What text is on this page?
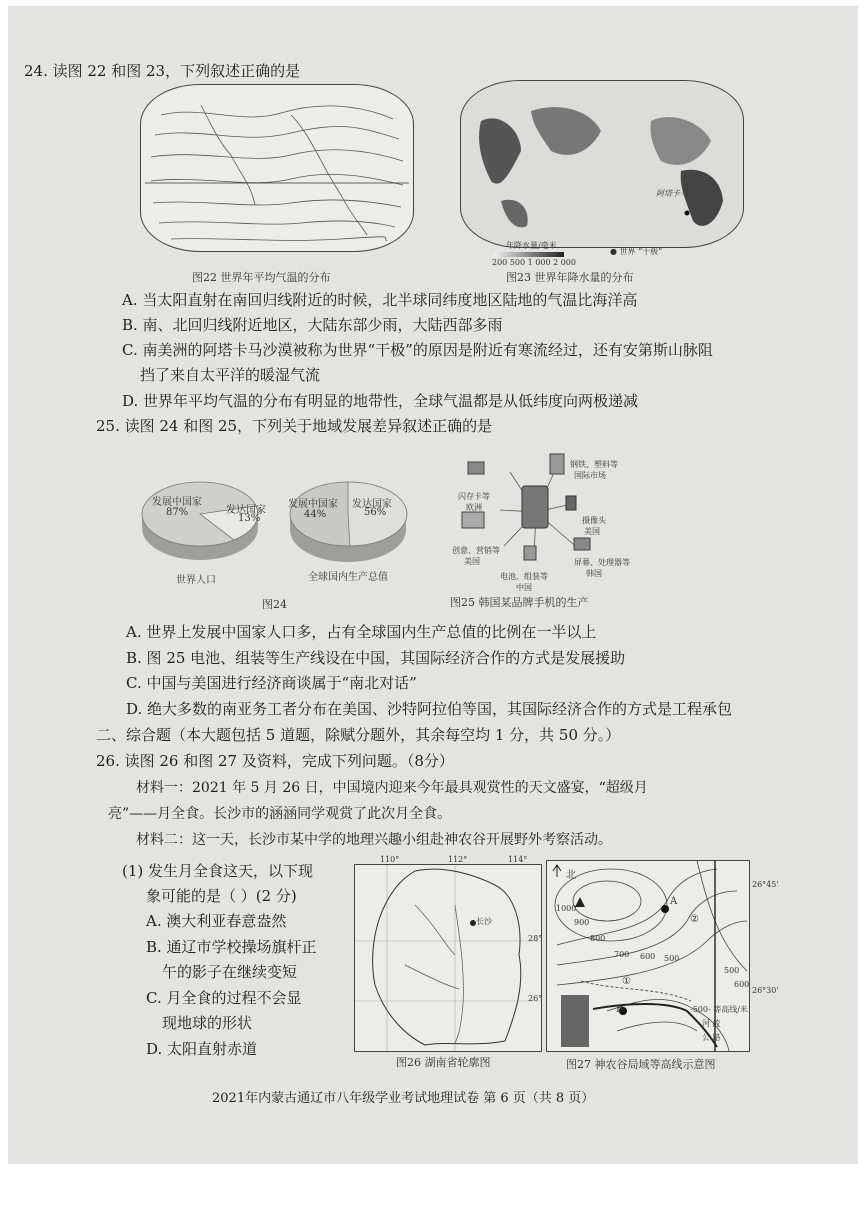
24. 读图 22 和图 23，下列叙述正确的是
图22 世界年平均气温的分布
年降水量/毫米
200 500 1 000 2 000
● 世界 “干极”
阿塔卡马
图23 世界年降水量的分布
A. 当太阳直射在南回归线附近的时候，北半球同纬度地区陆地的气温比海洋高
B. 南、北回归线附近地区，大陆东部少雨，大陆西部多雨
C. 南美洲的阿塔卡马沙漠被称为世界“干极”的原因是附近有寒流经过，还有安第斯山脉阻
挡了来自太平洋的暖湿气流
D. 世界年平均气温的分布有明显的地带性，全球气温都是从低纬度向两极递减
25. 读图 24 和图 25，下列关于地域发展差异叙述正确的是
发展中国家
87%	发达国家
13%
世界人口
发展中国家
44%
发达国家
56%
全球国内生产总值
图24
钢铁、塑料等
国际市场
闪存卡等
欧洲
摄像头
美国
创意、营销等
美国	屏幕、处理器等
韩国
电池、组装等
中国
图25 韩国某品牌手机的生产
A. 世界上发展中国家人口多，占有全球国内生产总值的比例在一半以上
B. 图 25 电池、组装等生产线设在中国，其国际经济合作的方式是发展援助
C. 中国与美国进行经济商谈属于“南北对话”
D. 绝大多数的南亚务工者分布在美国、沙特阿拉伯等国，其国际经济合作的方式是工程承包
二、综合题（本大题包括 5 道题，除赋分题外，其余每空均 1 分，共 50 分。）
26. 读图 26 和图 27 及资料，完成下列问题。（8分）
材料一：2021 年 5 月 26 日，中国境内迎来今年最具观赏性的天文盛宴，“超级月
亮”——月全食。长沙市的涵涵同学观赏了此次月全食。
材料二：这一天，长沙市某中学的地理兴趣小组赴神农谷开展野外考察活动。
(1) 发生月全食这天，以下现
象可能的是（ ）(2 分)
A. 澳大利亚春意盎然
B. 通辽市学校操场旗杆正
午的影子在继续变短
C. 月全食的过程不会显
现地球的形状
D. 太阳直射赤道
110°	112°	114°
28°
26°
长沙
图26 湖南省轮廓图
北
26°45'
26°30'
1000
900
800
700 600 500
500
600
A
B
①
②
-500- 等高线/米
河 流
公 路
图27 神农谷局域等高线示意图
2021年内蒙古通辽市八年级学业考试地理试卷 第 6 页（共 8 页）
